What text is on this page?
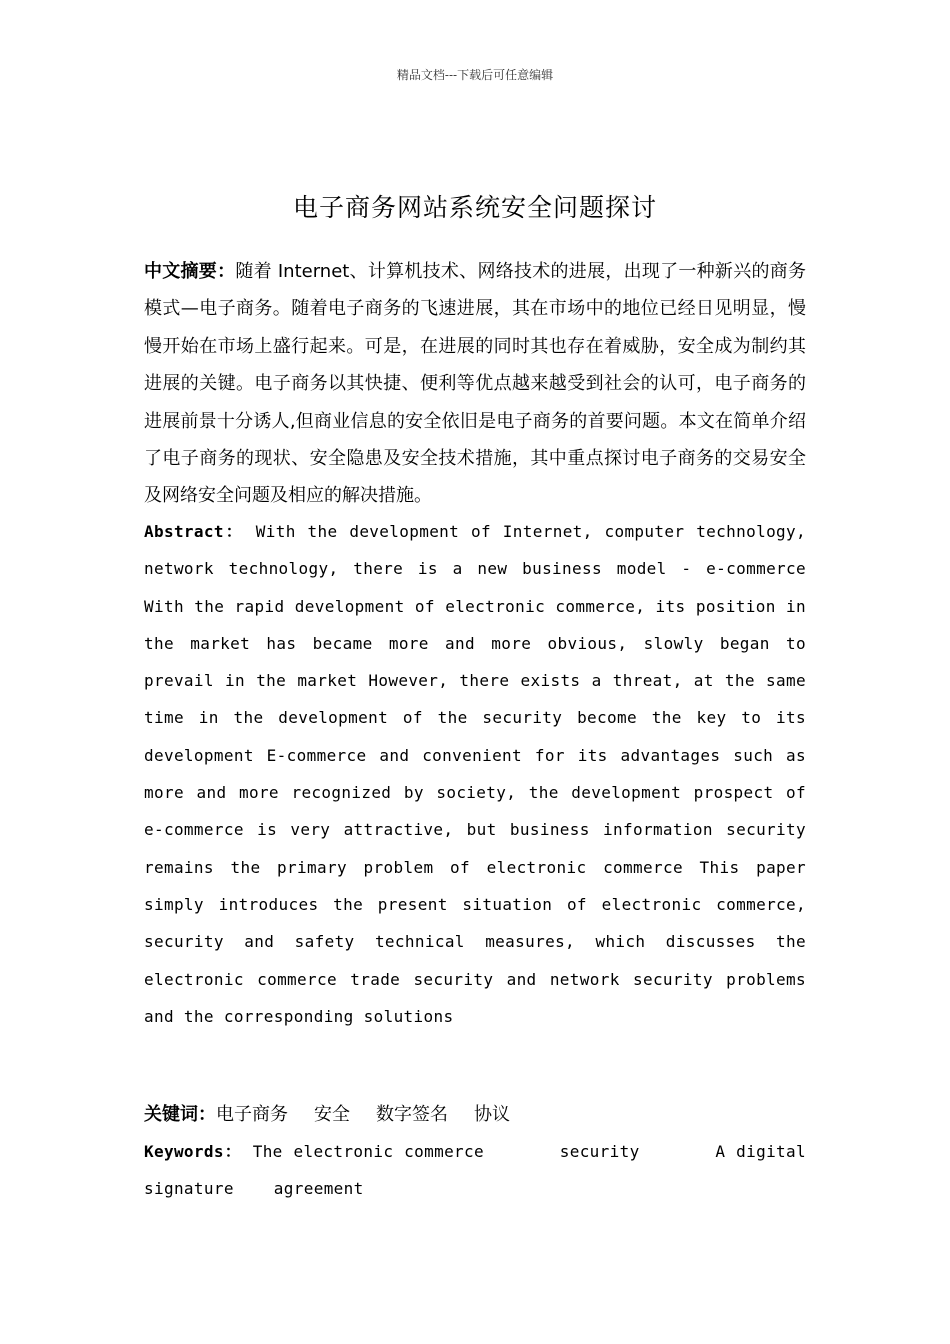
精品文档---下载后可任意编辑
电子商务网站系统安全问题探讨
中文摘要：随着 Internet、计算机技术、网络技术的进展，出现了一种新兴的商务模式—电子商务。随着电子商务的飞速进展，其在市场中的地位已经日见明显，慢慢开始在市场上盛行起来。可是，在进展的同时其也存在着威胁，安全成为制约其进展的关键。电子商务以其快捷、便利等优点越来越受到社会的认可，电子商务的进展前景十分诱人,但商业信息的安全依旧是电子商务的首要问题。本文在简单介绍了电子商务的现状、安全隐患及安全技术措施，其中重点探讨电子商务的交易安全及网络安全问题及相应的解决措施。
Abstract： With the development of Internet, computer technology, network technology, there is a new business model - e-commerce With the rapid development of electronic commerce, its position in the market has became more and more obvious, slowly began to prevail in the market However, there exists a threat, at the same time in the development of the security become the key to its development E-commerce and convenient for its advantages such as more and more recognized by society, the development prospect of e-commerce is very attractive, but business information security remains the primary problem of electronic commerce This paper simply introduces the present situation of electronic commerce, security and safety technical measures, which discusses the electronic commerce trade security and network security problems and the corresponding solutions
关键词：电子商务 安全 数字签名 协议
Keywords： The electronic commerce       security       A digital signature    agreement
